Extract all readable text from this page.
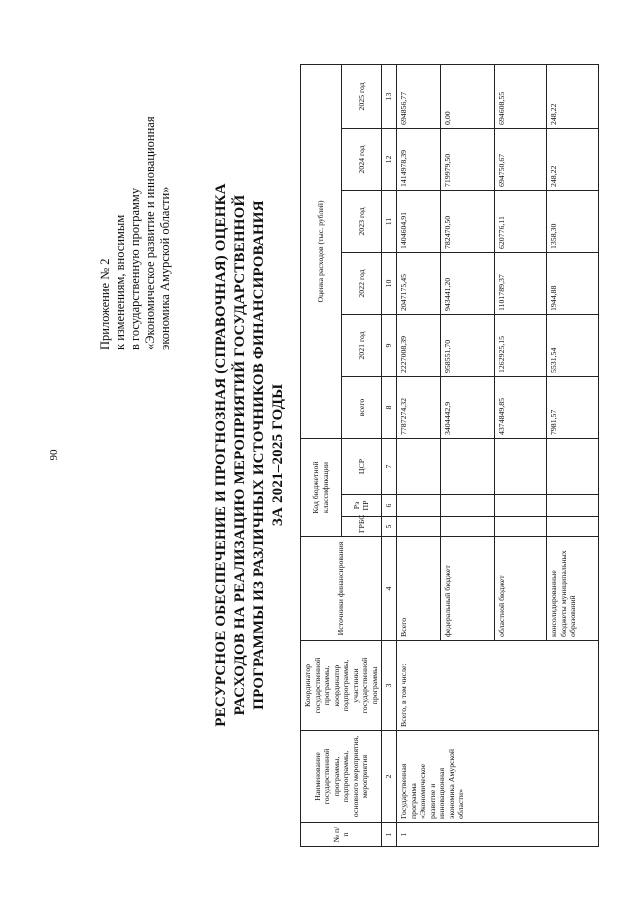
90
Приложение № 2 к изменениям, вносимым в государственную программу «Экономическое развитие и инновационная экономика Амурской области»	РЕСУРСНОЕ ОБЕСПЕЧЕНИЕ И ПРОГНОЗНАЯ (СПРАВОЧНАЯ) ОЦЕНКА РАСХОДОВ НА РЕАЛИЗАЦИЮ МЕРОПРИЯТИЙ ГОСУДАРСТВЕННОЙ ПРОГРАММЫ ИЗ РАЗЛИЧНЫХ ИСТОЧНИКОВ ФИНАНСИРОВАНИЯ ЗА 2021–2025 ГОДЫ
№ п/п	Наименование государственной программы, подпрограммы, основного мероприятия, мероприятия	Координатор государственной программы, координатор подпрограммы, участники государственной программы	Источники финансирования	Код бюджетной классификации			Оценка расходов (тыс. рублей)					
				ГРБС	Рз ПР	ЦСР	всего	2021 год	2022 год	2023 год	2024 год	2025 год
1	2	3	4	5	6	7	8	9	10	11	12	13
1	Государственная программа «Экономическое развитие и инновационная экономика Амурской области»	Всего, в том числе:	Всего				7787274,32	2227008,39	2047175,45	1404604,91	1414978,39	694856,77
			федеральный бюджет				3404442,9	958551,70	943441,20	782470,50	719979,50	0,00
			областной бюджет				4374849,85	1262925,15	1101789,37	620776,11	694750,67	694608,55
			консолидированные бюджеты муниципальных образований				7981,57	5531,54	1944,88	1358,30	248,22	248,22
